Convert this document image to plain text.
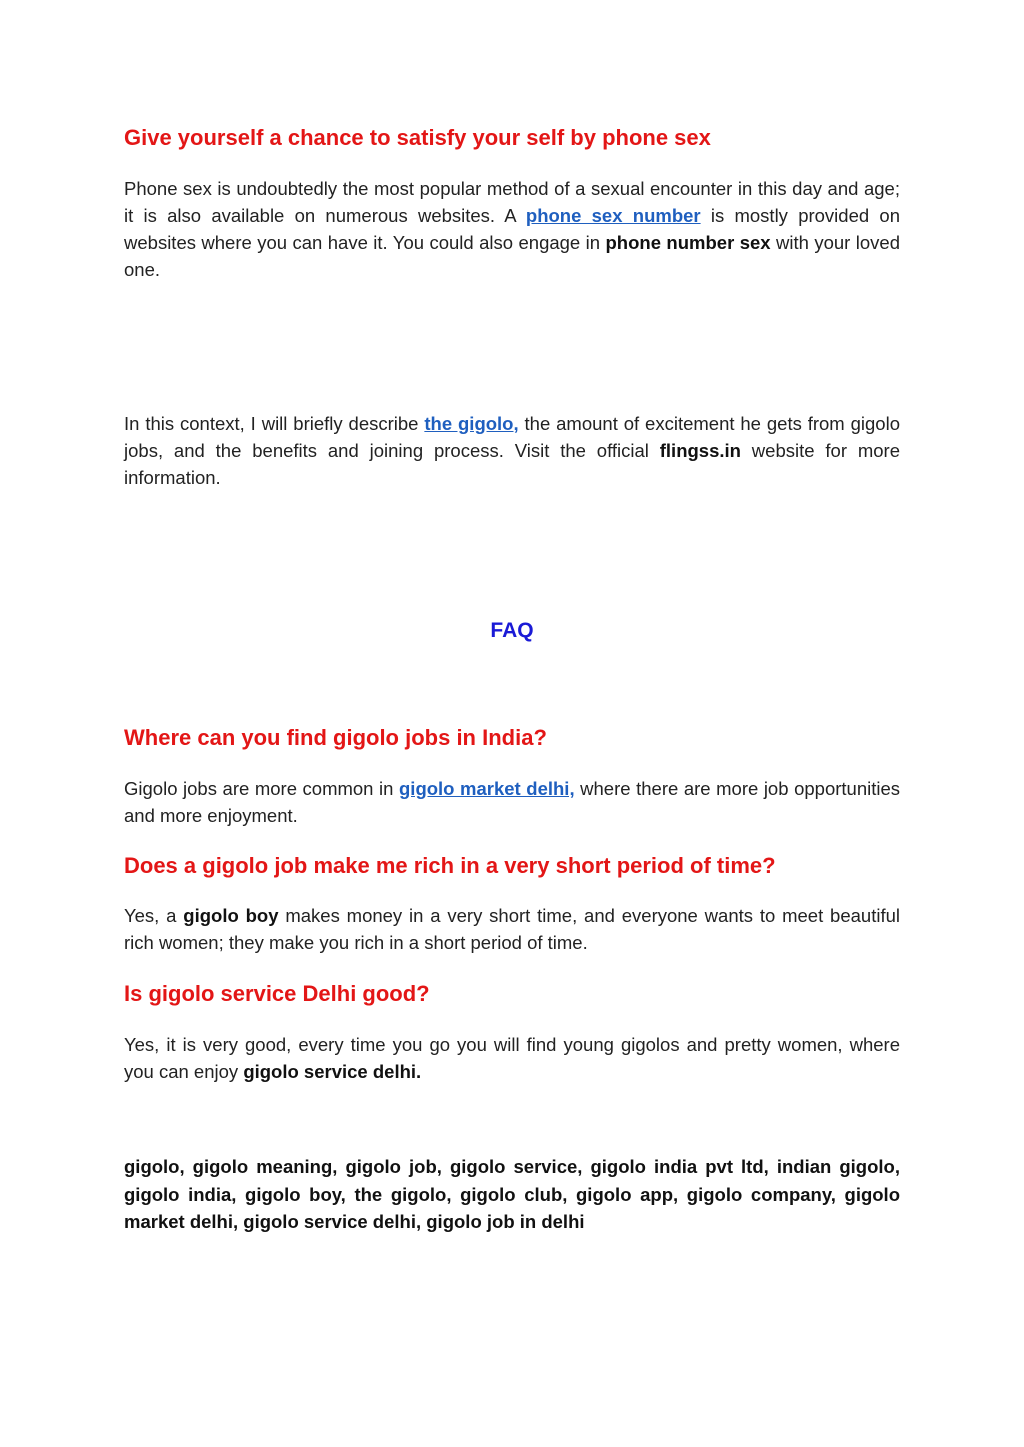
Give yourself a chance to satisfy your self by phone sex

Phone sex is undoubtedly the most popular method of a sexual encounter in this day and age; it is also available on numerous websites. A phone sex number is mostly provided on websites where you can have it. You could also engage in phone number sex with your loved one.

In this context, I will briefly describe the gigolo, the amount of excitement he gets from gigolo jobs, and the benefits and joining process. Visit the official flingss.in website for more information.

Where can you find gigolo jobs in India?

Gigolo jobs are more common in gigolo market delhi, where there are more job opportunities and more enjoyment.

Does a gigolo job make me rich in a very short period of time?

Yes, a gigolo boy makes money in a very short time, and everyone wants to meet beautiful rich women; they make you rich in a short period of time.

Is gigolo service Delhi good?

Yes, it is very good, every time you go you will find young gigolos and pretty women, where you can enjoy gigolo service delhi.

gigolo, gigolo meaning, gigolo job, gigolo service, gigolo india pvt ltd, indian gigolo, gigolo india, gigolo boy, the gigolo, gigolo club, gigolo app, gigolo company, gigolo market delhi, gigolo service delhi, gigolo job in delhi

FAQ
